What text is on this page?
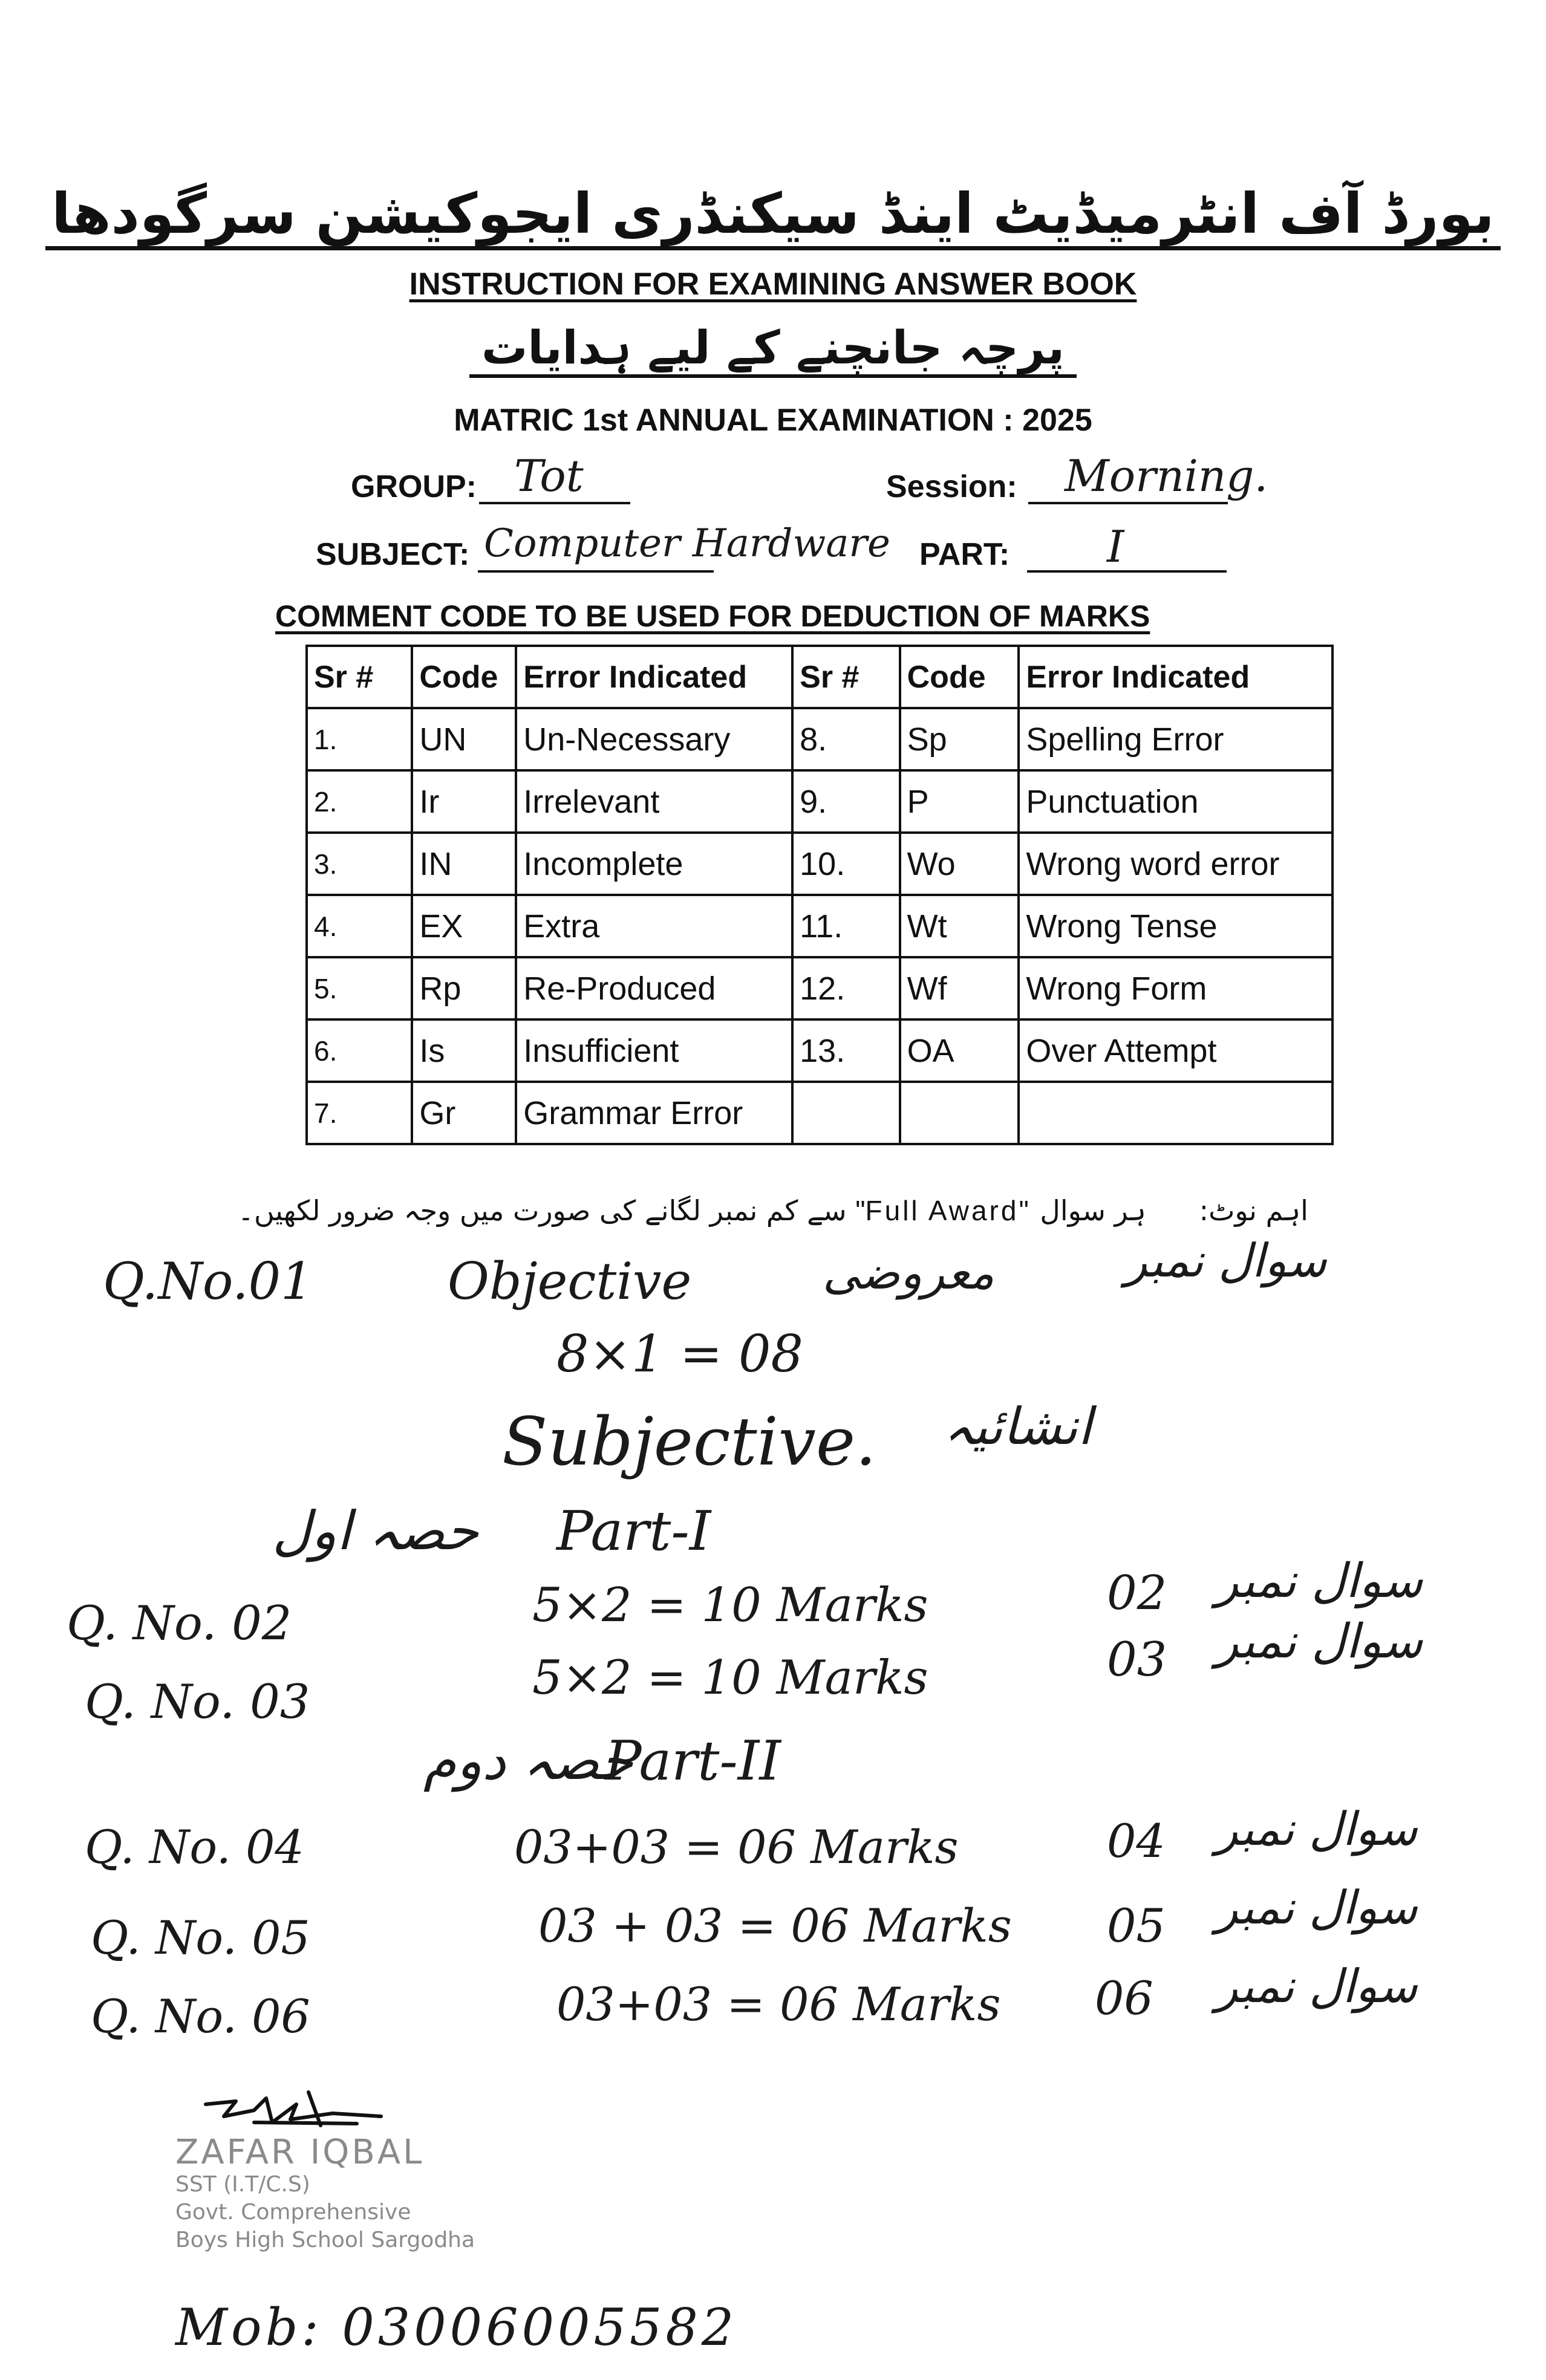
بورڈ آف انٹرمیڈیٹ اینڈ سیکنڈری ایجوکیشن سرگودھا
INSTRUCTION FOR EXAMINING ANSWER BOOK
پرچہ جانچنے کے لیے ہدایات
MATRIC 1st ANNUAL EXAMINATION : 2025
GROUP: Tot	Session: Morning.
SUBJECT: Computer Hardware PART: I
COMMENT CODE TO BE USED FOR DEDUCTION OF MARKS
Sr #	Code	Error Indicated	Sr #	Code	Error Indicated
1.	UN	Un-Necessary	8.	Sp	Spelling Error
2.	Ir	Irrelevant	9.	P	Punctuation
3.	IN	Incomplete	10.	Wo	Wrong word error
4.	EX	Extra	11.	Wt	Wrong Tense
5.	Rp	Re-Produced	12.	Wf	Wrong Form
6.	Is	Insufficient	13.	OA	Over Attempt
7.	Gr	Grammar Error			
اہم نوٹ:      ہر سوال "Full Award" سے کم نمبر لگانے کی صورت میں وجہ ضرور لکھیں۔
Q.No.01	Objective	معروضی	سوال نمبر
8×1 = 08
Subjective. انشائیہ
حصہ اول Part-I
Q. No. 02	5×2 = 10 Marks	02 سوال نمبر
Q. No. 03	5×2 = 10 Marks	03 سوال نمبر
حصہ دوم
Part-II
Q. No. 04	03+03 = 06 Marks	04 سوال نمبر
Q. No. 05	03 + 03 = 06 Marks 05 سوال نمبر
Q. No. 06	03+03 = 06 Marks 06 سوال نمبر
ZAFAR IQBAL
SST (I.T/C.S)
Govt. Comprehensive
Boys High School Sargodha
Mob: 03006005582
